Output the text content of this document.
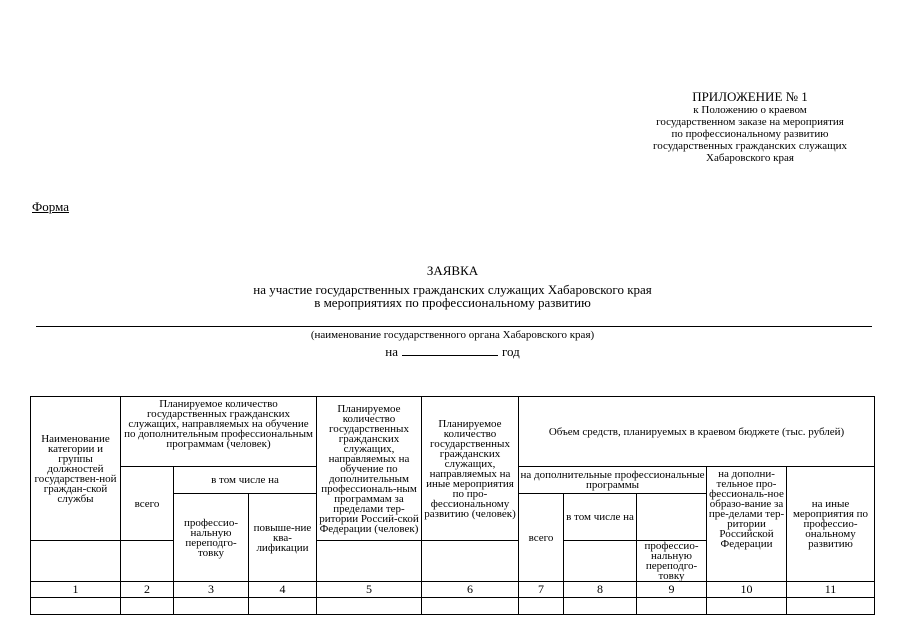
ПРИЛОЖЕНИЕ № 1
к Положению о краевом
государственном заказе на мероприятия
по профессиональному развитию
государственных гражданских служащих
Хабаровского края
Форма
ЗАЯВКА
на участие государственных гражданских служащих Хабаровского края
в мероприятиях по профессиональному развитию
(наименование государственного органа Хабаровского края)
на	год
Наименование категории и группы должностей государствен-ной граждан-ской службы	Планируемое количество государственных гражданских служащих, направляемых на обучение по дополнительным профессиональным программам (человек)			Планируемое количество государственных гражданских служащих, направляемых на обучение по дополнительным профессиональ-ным программам за пределами тер-ритории Россий-ской Федерации (человек)	Планируемое количество государственных гражданских служащих, направляемых на иные мероприятия по про-фессиональному развитию (человек)	Объем средств, планируемых в краевом бюджете (тыс. рублей)					
	всего	в том числе на				на дополнительные профессиональные программы			на дополни-тельное про-фессиональ-ное образо-вание за пре-делами тер-ритории Российской Федерации	на иные мероприятия по профессио-ональному развитию	
		профессио-нальную переподго-товку	повыше-ние ква-лификации			всего	в том числе на				
								профессио-нальную переподго-товку	
1	2	3	4	5	6	7	8	9	10	11	
